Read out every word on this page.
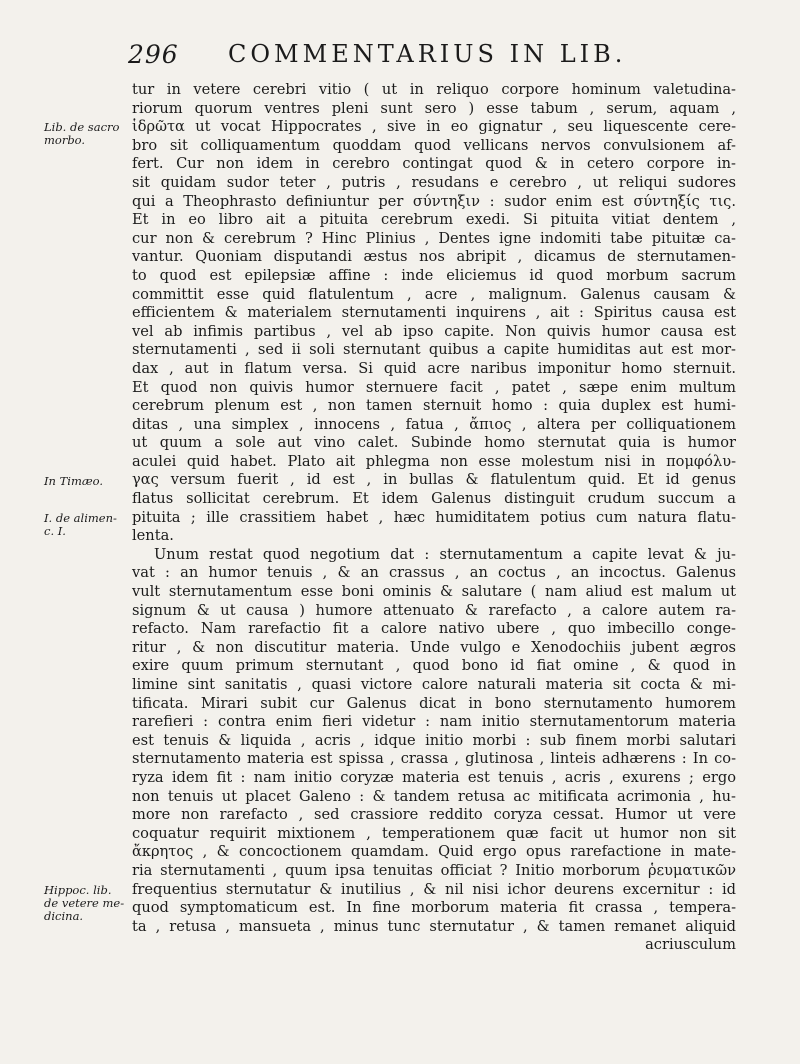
296 COMMENTARIUS IN LIB.
tur in vetere cerebri vitio ( ut in reliquo corpore hominum valetudina-
riorum quorum ventres pleni sunt sero ) esse tabum , serum, aquam ,
ἱδρῶτα ut vocat Hippocrates , sive in eo gignatur , seu liquescente cere-
bro sit colliquamentum quoddam quod vellicans nervos convulsionem af-
fert. Cur non idem in cerebro contingat quod & in cetero corpore in-
sit quidam sudor teter , putris , resudans e cerebro , ut reliqui sudores
qui a Theophrasto definiuntur per σύντηξιν : sudor enim est σύντηξίς τις.
Et in eo libro ait a pituita cerebrum exedi. Si pituita vitiat dentem ,
cur non & cerebrum ? Hinc Plinius , Dentes igne indomiti tabe pituitæ ca-
vantur. Quoniam disputandi æstus nos abripit , dicamus de sternutamen-
to quod est epilepsiæ affine : inde eliciemus id quod morbum sacrum
committit esse quid flatulentum , acre , malignum. Galenus causam &
efficientem & materialem sternutamenti inquirens , ait : Spiritus causa est
vel ab infimis partibus , vel ab ipso capite. Non quivis humor causa est
sternutamenti , sed ii soli sternutant quibus a capite humiditas aut est mor-
dax , aut in flatum versa. Si quid acre naribus imponitur homo sternuit.
Et quod non quivis humor sternuere facit , patet , sæpe enim multum
cerebrum plenum est , non tamen sternuit homo : quia duplex est humi-
ditas , una simplex , innocens , fatua , ἄπιος , altera per colliquationem
ut quum a sole aut vino calet. Subinde homo sternutat quia is humor
aculei quid habet. Plato ait phlegma non esse molestum nisi in πομφόλυ-
γας versum fuerit , id est , in bullas & flatulentum quid. Et id genus
flatus sollicitat cerebrum. Et idem Galenus distinguit crudum succum a
pituita ; ille crassitiem habet , hæc humiditatem potius cum natura flatu-
lenta.
Unum restat quod negotium dat : sternutamentum a capite levat & ju-
vat : an humor tenuis , & an crassus , an coctus , an incoctus. Galenus
vult sternutamentum esse boni ominis & salutare ( nam aliud est malum ut
signum & ut causa ) humore attenuato & rarefacto , a calore autem ra-
refacto. Nam rarefactio fit a calore nativo ubere , quo imbecillo conge-
ritur , & non discutitur materia. Unde vulgo e Xenodochiis jubent ægros
exire quum primum sternutant , quod bono id fiat omine , & quod in
limine sint sanitatis , quasi victore calore naturali materia sit cocta & mi-
tificata. Mirari subit cur Galenus dicat in bono sternutamento humorem
rarefieri : contra enim fieri videtur : nam initio sternutamentorum materia
est tenuis & liquida , acris , idque initio morbi : sub finem morbi salutari
sternutamento materia est spissa , crassa , glutinosa , linteis adhærens : In co-
ryza idem fit : nam initio coryzæ materia est tenuis , acris , exurens ; ergo
non tenuis ut placet Galeno : & tandem retusa ac mitificata acrimonia , hu-
more non rarefacto , sed crassiore reddito coryza cessat. Humor ut vere
coquatur requirit mixtionem , temperationem quæ facit ut humor non sit
ἄκρητος , & concoctionem quamdam. Quid ergo opus rarefactione in mate-
ria sternutamenti , quum ipsa tenuitas officiat ? Initio morborum ῥευματικῶν
frequentius sternutatur & inutilius , & nil nisi ichor deurens excernitur : id
quod symptomaticum est. In fine morborum materia fit crassa , tempera-
ta , retusa , mansueta , minus tunc sternutatur , & tamen remanet aliquid
acriusculum
Lib. de sacro
morbo.
In Timæo.
I. de alimen-
c. I.
Hippoc. lib.
de vetere me-
dicina.
